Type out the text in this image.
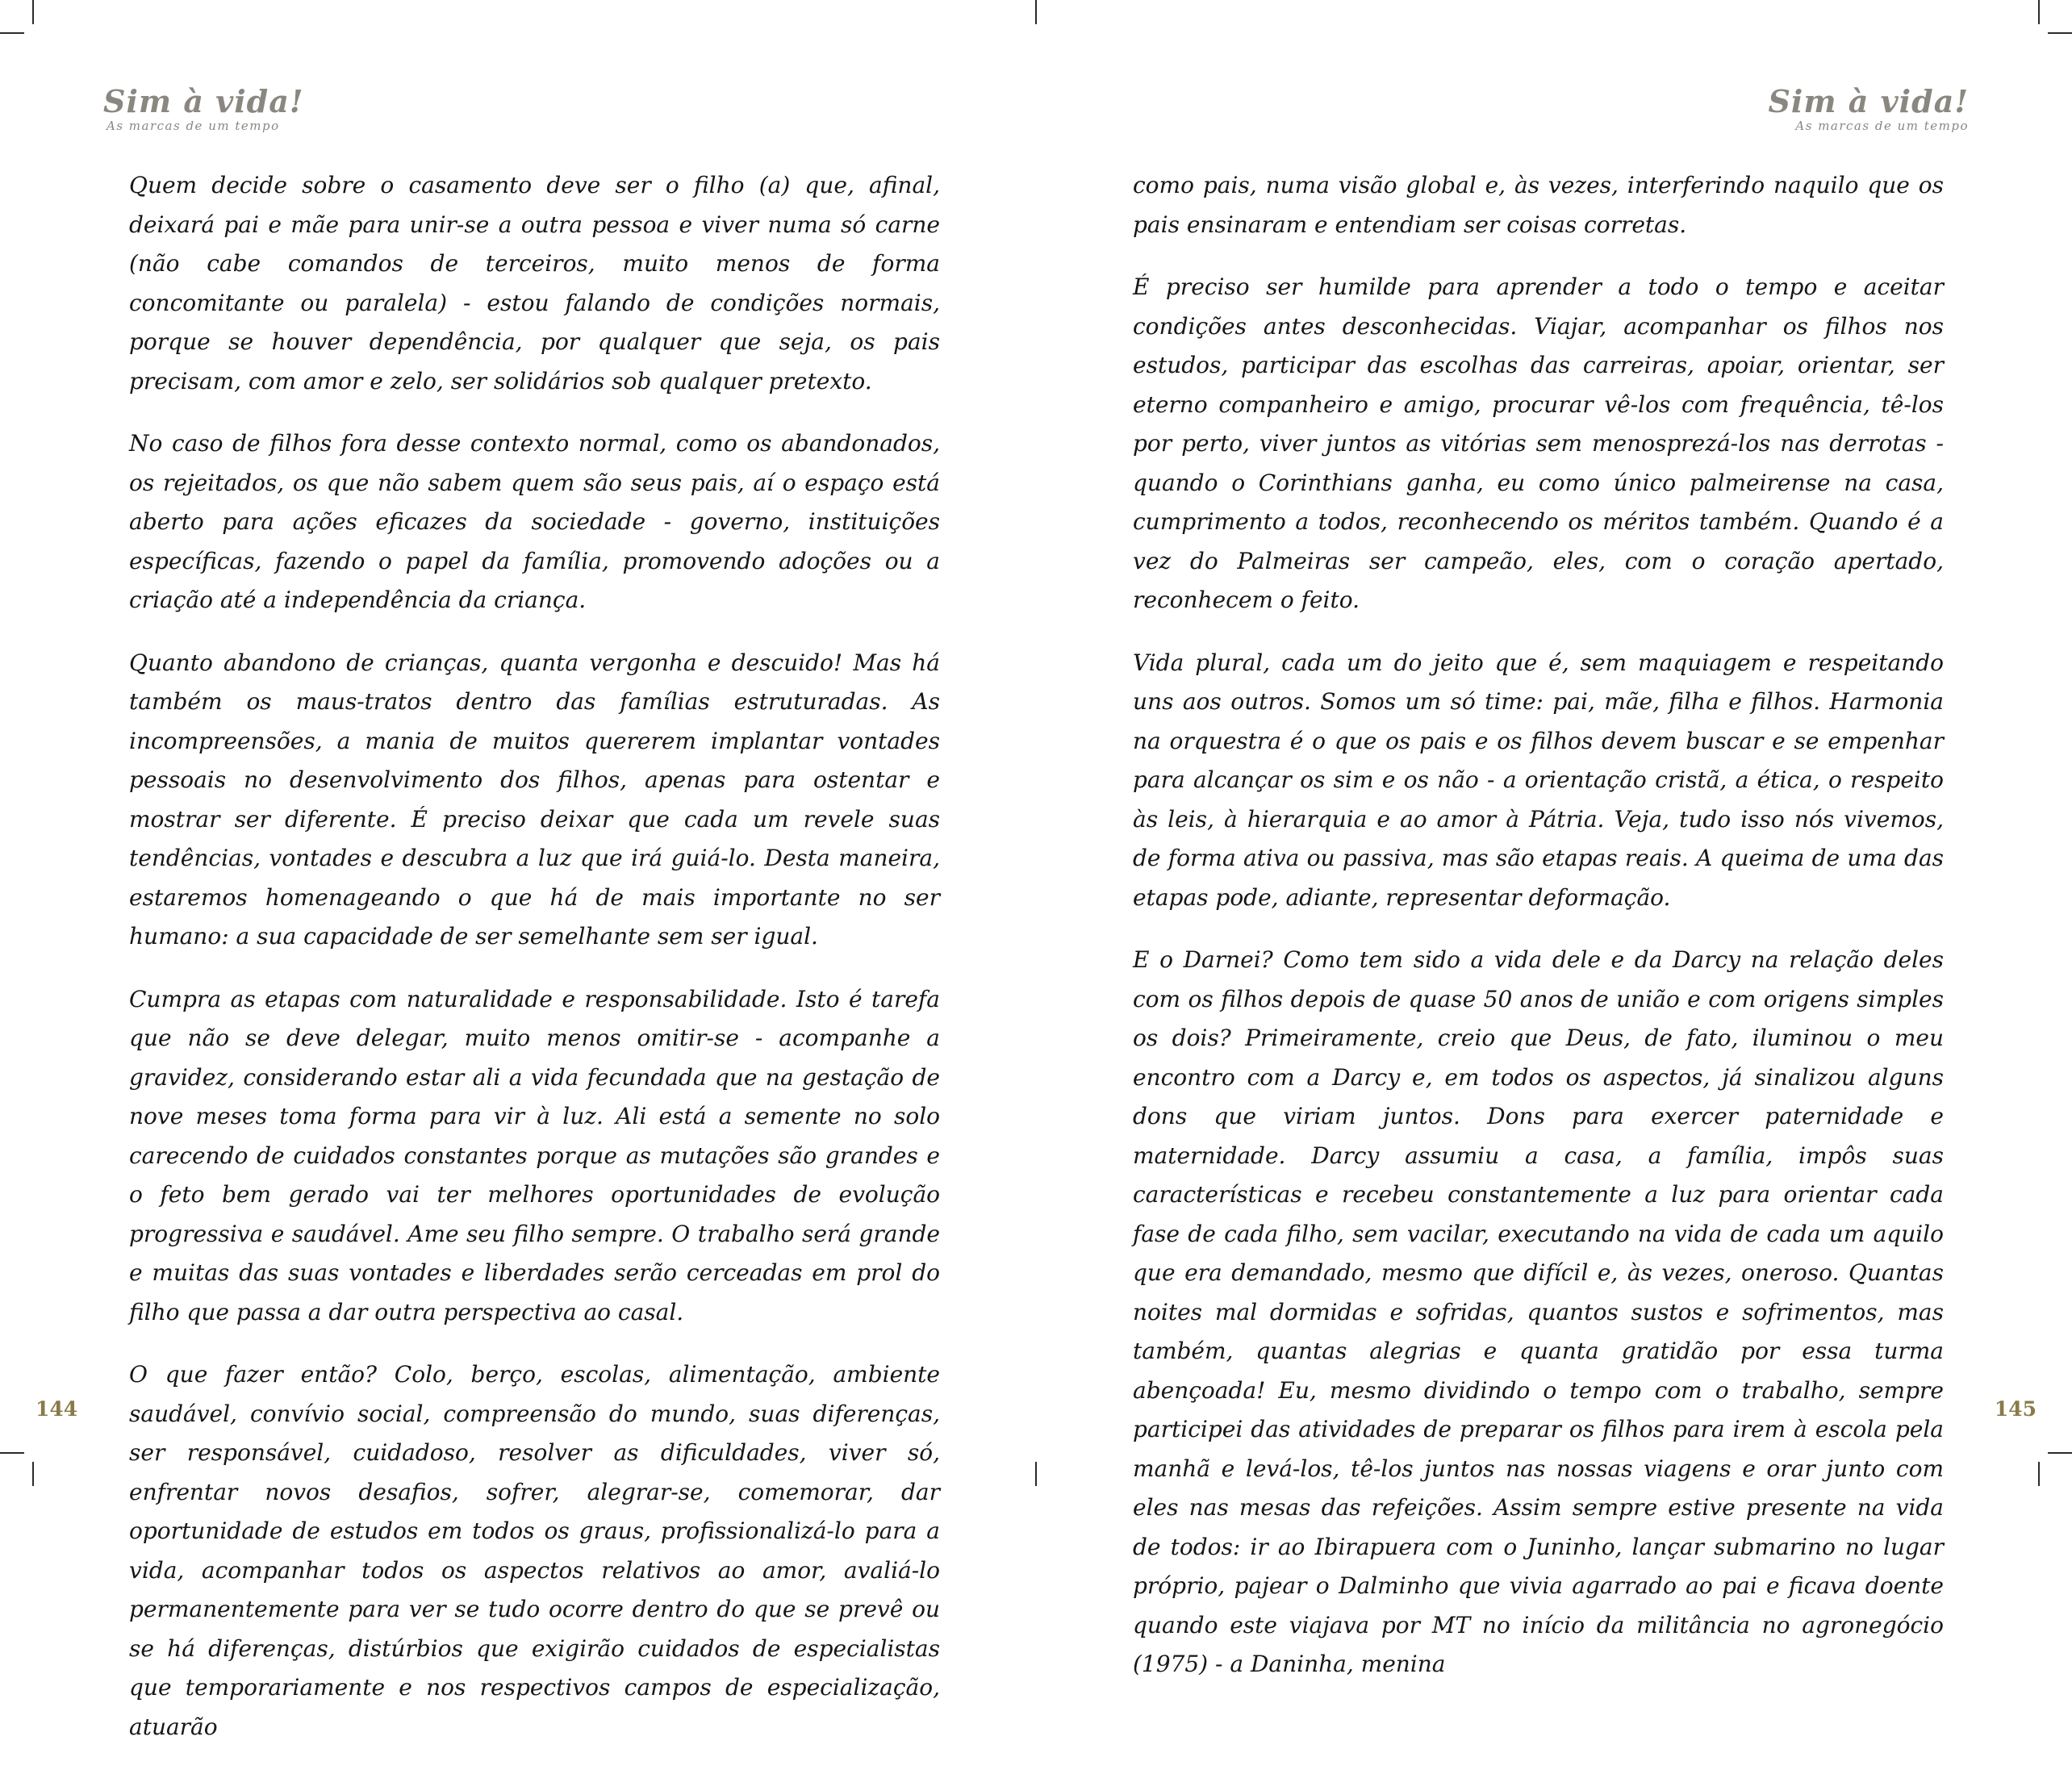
Sim à vida!
As marcas de um tempo

Quem decide sobre o casamento deve ser o filho (a) que, afinal, deixará pai e mãe para unir-se a outra pessoa e viver numa só carne (não cabe comandos de terceiros, muito menos de forma concomitante ou paralela) - estou falando de condições normais, porque se houver dependência, por qualquer que seja, os pais precisam, com amor e zelo, ser solidários sob qualquer pretexto.

No caso de filhos fora desse contexto normal, como os abandonados, os rejeitados, os que não sabem quem são seus pais, aí o espaço está aberto para ações eficazes da sociedade - governo, instituições específicas, fazendo o papel da família, promovendo adoções ou a criação até a independência da criança.

Quanto abandono de crianças, quanta vergonha e descuido! Mas há também os maus-tratos dentro das famílias estruturadas. As incompreensões, a mania de muitos quererem implantar vontades pessoais no desenvolvimento dos filhos, apenas para ostentar e mostrar ser diferente. É preciso deixar que cada um revele suas tendências, vontades e descubra a luz que irá guiá-lo. Desta maneira, estaremos homenageando o que há de mais importante no ser humano: a sua capacidade de ser semelhante sem ser igual.

Cumpra as etapas com naturalidade e responsabilidade. Isto é tarefa que não se deve delegar, muito menos omitir-se - acompanhe a gravidez, considerando estar ali a vida fecundada que na gestação de nove meses toma forma para vir à luz. Ali está a semente no solo carecendo de cuidados constantes porque as mutações são grandes e o feto bem gerado vai ter melhores oportunidades de evolução progressiva e saudável. Ame seu filho sempre. O trabalho será grande e muitas das suas vontades e liberdades serão cerceadas em prol do filho que passa a dar outra perspectiva ao casal.

O que fazer então? Colo, berço, escolas, alimentação, ambiente saudável, convívio social, compreensão do mundo, suas diferenças, ser responsável, cuidadoso, resolver as dificuldades, viver só, enfrentar novos desafios, sofrer, alegrar-se, comemorar, dar oportunidade de estudos em todos os graus, profissionalizá-lo para a vida, acompanhar todos os aspectos relativos ao amor, avaliá-lo permanentemente para ver se tudo ocorre dentro do que se prevê ou se há diferenças, distúrbios que exigirão cuidados de especialistas que temporariamente e nos respectivos campos de especialização, atuarão

144
Sim à vida!
As marcas de um tempo

como pais, numa visão global e, às vezes, interferindo naquilo que os pais ensinaram e entendiam ser coisas corretas.

É preciso ser humilde para aprender a todo o tempo e aceitar condições antes desconhecidas. Viajar, acompanhar os filhos nos estudos, participar das escolhas das carreiras, apoiar, orientar, ser eterno companheiro e amigo, procurar vê-los com frequência, tê-los por perto, viver juntos as vitórias sem menosprezá-los nas derrotas - quando o Corinthians ganha, eu como único palmeirense na casa, cumprimento a todos, reconhecendo os méritos também. Quando é a vez do Palmeiras ser campeão, eles, com o coração apertado, reconhecem o feito.

Vida plural, cada um do jeito que é, sem maquiagem e respeitando uns aos outros. Somos um só time: pai, mãe, filha e filhos. Harmonia na orquestra é o que os pais e os filhos devem buscar e se empenhar para alcançar os sim e os não - a orientação cristã, a ética, o respeito às leis, à hierarquia e ao amor à Pátria. Veja, tudo isso nós vivemos, de forma ativa ou passiva, mas são etapas reais. A queima de uma das etapas pode, adiante, representar deformação.

E o Darnei? Como tem sido a vida dele e da Darcy na relação deles com os filhos depois de quase 50 anos de união e com origens simples os dois? Primeiramente, creio que Deus, de fato, iluminou o meu encontro com a Darcy e, em todos os aspectos, já sinalizou alguns dons que viriam juntos. Dons para exercer paternidade e maternidade. Darcy assumiu a casa, a família, impôs suas características e recebeu constantemente a luz para orientar cada fase de cada filho, sem vacilar, executando na vida de cada um aquilo que era demandado, mesmo que difícil e, às vezes, oneroso. Quantas noites mal dormidas e sofridas, quantos sustos e sofrimentos, mas também, quantas alegrias e quanta gratidão por essa turma abençoada! Eu, mesmo dividindo o tempo com o trabalho, sempre participei das atividades de preparar os filhos para irem à escola pela manhã e levá-los, tê-los juntos nas nossas viagens e orar junto com eles nas mesas das refeições. Assim sempre estive presente na vida de todos: ir ao Ibirapuera com o Juninho, lançar submarino no lugar próprio, pajear o Dalminho que vivia agarrado ao pai e ficava doente quando este viajava por MT no início da militância no agronegócio (1975) - a Daninha, menina

145
